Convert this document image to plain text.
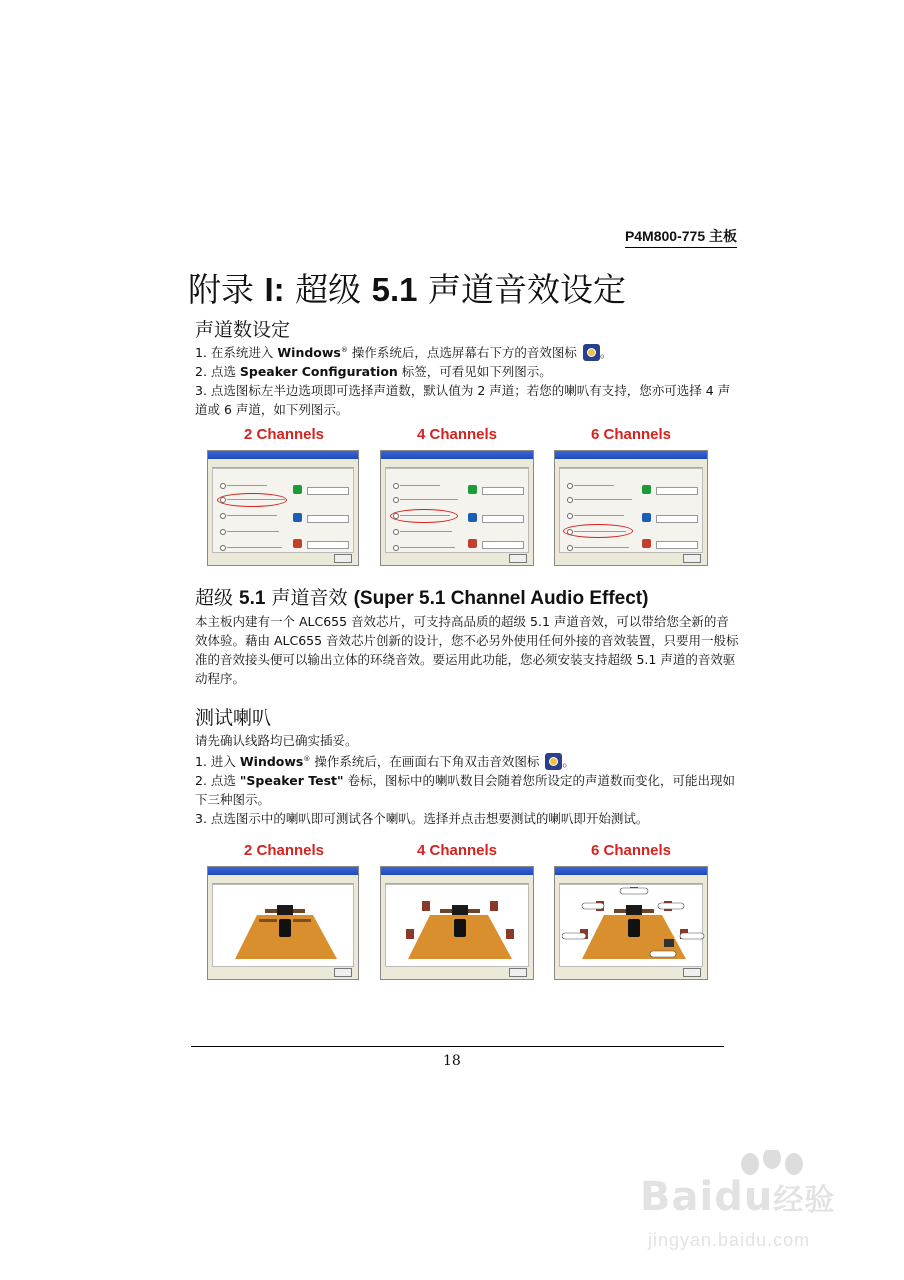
P4M800-775 主板
附录 I: 超级 5.1 声道音效设定
声道数设定

1. 在系统进入 Windows® 操作系统后，点选屏幕右下方的音效图标 。

2. 点选 Speaker Configuration 标签，可看见如下列图示。

3. 点选图标左半边选项即可选择声道数，默认值为 2 声道；若您的喇叭有支持，您亦可选择 4 声道或 6 声道，如下列图示。

2 Channels	4 Channels	6 Channels
超级 5.1 声道音效 (Super 5.1 Channel Audio Effect)

本主板内建有一个 ALC655 音效芯片，可支持高品质的超级 5.1 声道音效，可以带给您全新的音效体验。藉由 ALC655 音效芯片创新的设计，您不必另外使用任何外接的音效装置，只要用一般标准的音效接头便可以输出立体的环绕音效。要运用此功能，您必须安装支持超级 5.1 声道的音效驱动程序。

测试喇叭

请先确认线路均已确实插妥。

1. 进入 Windows® 操作系统后，在画面右下角双击音效图标 。

2. 点选 "Speaker Test" 卷标，图标中的喇叭数目会随着您所设定的声道数而变化，可能出现如下三种图示。

3. 点选图示中的喇叭即可测试各个喇叭。选择并点击想要测试的喇叭即开始测试。

2 Channels	4 Channels	6 Channels
18
Baidu经验
jingyan.baidu.com
